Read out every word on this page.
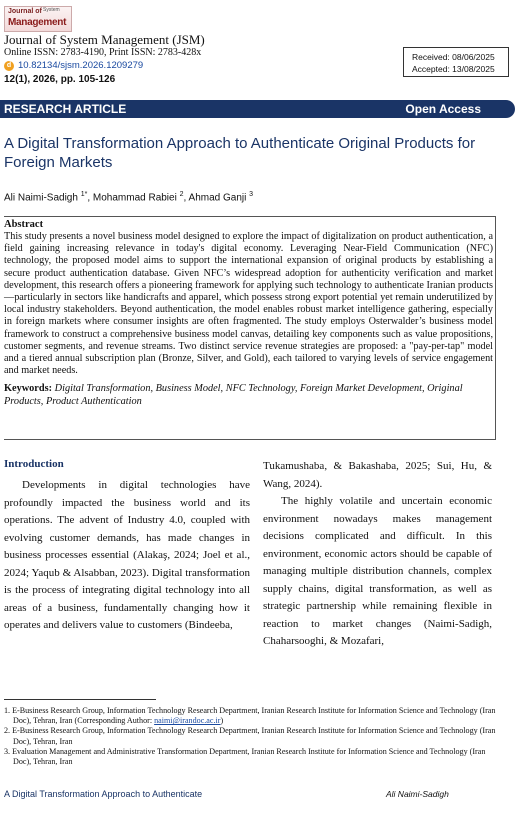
Journal of System
Management
Journal of System Management (JSM)
Online ISSN: 2783-4190, Print ISSN: 2783-428x
d 10.82134/sjsm.2026.1209279
12(1), 2026, pp. 105-126
Received: 08/06/2025
Accepted: 13/08/2025
RESEARCH ARTICLE	Open Access
A Digital Transformation Approach to Authenticate Original Products for Foreign Markets
Ali Naimi-Sadigh $^{1*}$, Mohammad Rabiei $^2$, Ahmad Ganji $^3$

Abstract

This study presents a novel business model designed to explore the impact of digitalization on product authentication, a field gaining increasing relevance in today's digital economy. Leveraging Near-Field Communication (NFC) technology, the proposed model aims to support the international expansion of original products by establishing a secure product authentication database. Given NFC’s widespread adoption for authenticity verification and market development, this research offers a pioneering framework for applying such technology to authenticate Iranian products—particularly in sectors like handicrafts and apparel, which possess strong export potential yet remain underutilized by local industry stakeholders. Beyond authentication, the model enables robust market intelligence gathering, especially in foreign markets where consumer insights are often fragmented. The study employs Osterwalder’s business model framework to construct a comprehensive business model canvas, detailing key components such as value propositions, customer segments, and revenue streams. Two distinct service revenue strategies are proposed: a "pay-per-tap" model and a tiered annual subscription plan (Bronze, Silver, and Gold), each tailored to varying levels of service engagement and market needs.

Keywords: Digital Transformation, Business Model, NFC Technology, Foreign Market Development, Original Products, Product Authentication

Introduction

Developments in digital technologies have profoundly impacted the business world and its operations. The advent of Industry 4.0, coupled with evolving customer demands, has made changes in business processes essential (Alakaş, 2024; Joel et al., 2024; Yaqub & Alsabban, 2023). Digital transformation is the process of integrating digital technology into all areas of a business, fundamentally changing how it operates and delivers value to customers (Bindeeba,

Tukamushaba, & Bakashaba, 2025; Sui, Hu, & Wang, 2024).

The highly volatile and uncertain economic environment nowadays makes management decisions complicated and difficult. In this environment, economic actors should be capable of managing multiple distribution channels, complex supply chains, digital transformation, as well as strategic partnership while remaining flexible in reaction to market changes (Naimi-Sadigh, Chaharsooghi, & Mozafari,

1. E-Business Research Group, Information Technology Research Department, Iranian Research Institute for Information Science and Technology (Iran Doc), Tehran, Iran (Corresponding Author: naimi@irandoc.ac.ir)

2. E-Business Research Group, Information Technology Research Department, Iranian Research Institute for Information Science and Technology (Iran Doc), Tehran, Iran

3. Evaluation Management and Administrative Transformation Department, Iranian Research Institute for Information Science and Technology (Iran Doc), Tehran, Iran

A Digital Transformation Approach to Authenticate	Ali Naimi-Sadigh
